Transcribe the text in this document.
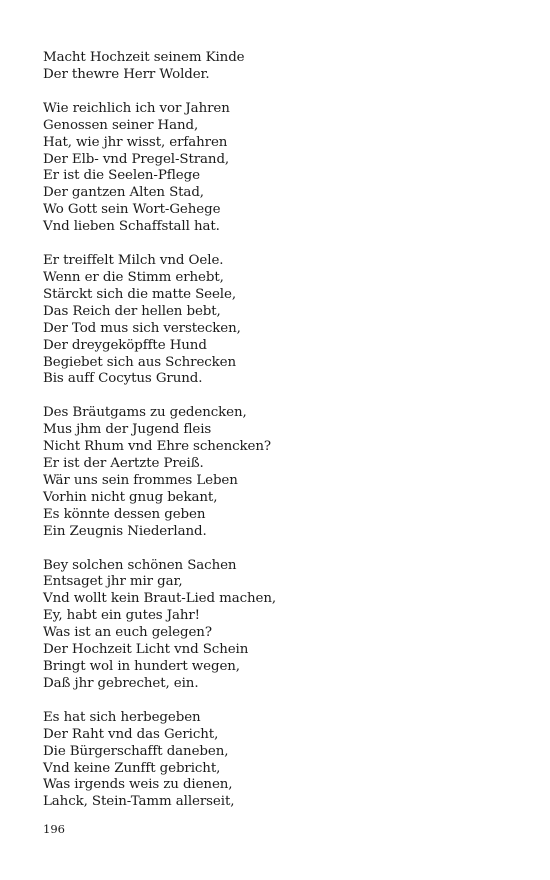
Macht Hochzeit seinem Kinde
Der thewre Herr Wolder.
Wie reichlich ich vor Jahren
Genossen seiner Hand,
Hat, wie jhr wisst, erfahren
Der Elb- vnd Pregel-Strand,
Er ist die Seelen-Pflege
Der gantzen Alten Stad,
Wo Gott sein Wort-Gehege
Vnd lieben Schaffstall hat.
Er treiffelt Milch vnd Oele.
Wenn er die Stimm erhebt,
Stärckt sich die matte Seele,
Das Reich der hellen bebt,
Der Tod mus sich verstecken,
Der dreygeköpffte Hund
Begiebet sich aus Schrecken
Bis auff Cocytus Grund.
Des Bräutgams zu gedencken,
Mus jhm der Jugend fleis
Nicht Rhum vnd Ehre schencken?
Er ist der Aertzte Preiß.
Wär uns sein frommes Leben
Vorhin nicht gnug bekant,
Es könnte dessen geben
Ein Zeugnis Niederland.
Bey solchen schönen Sachen
Entsaget jhr mir gar,
Vnd wollt kein Braut-Lied machen,
Ey, habt ein gutes Jahr!
Was ist an euch gelegen?
Der Hochzeit Licht vnd Schein
Bringt wol in hundert wegen,
Daß jhr gebrechet, ein.
Es hat sich herbegeben
Der Raht vnd das Gericht,
Die Bürgerschafft daneben,
Vnd keine Zunfft gebricht,
Was irgends weis zu dienen,
Lahck, Stein-Tamm allerseit,
196
